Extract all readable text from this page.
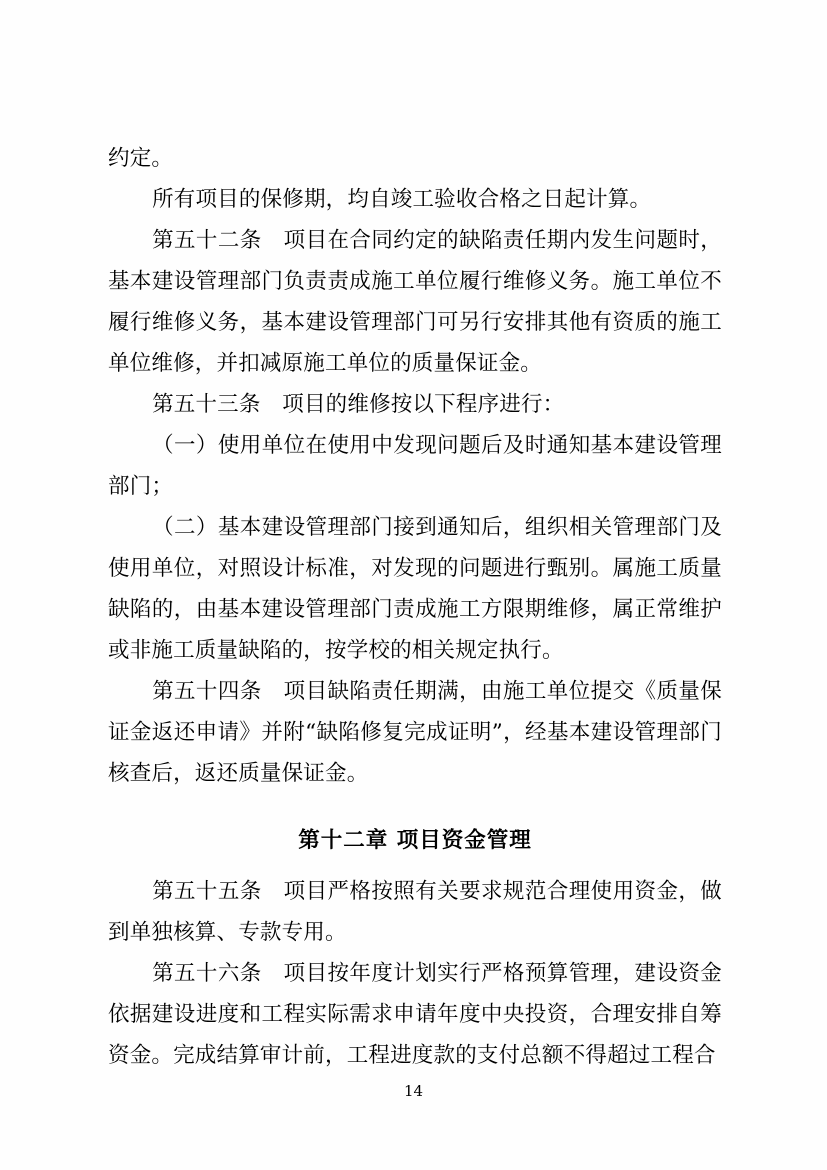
约定。

所有项目的保修期，均自竣工验收合格之日起计算。

第五十二条　项目在合同约定的缺陷责任期内发生问题时，基本建设管理部门负责责成施工单位履行维修义务。施工单位不履行维修义务，基本建设管理部门可另行安排其他有资质的施工单位维修，并扣减原施工单位的质量保证金。

第五十三条　项目的维修按以下程序进行：

（一）使用单位在使用中发现问题后及时通知基本建设管理部门；

（二）基本建设管理部门接到通知后，组织相关管理部门及使用单位，对照设计标准，对发现的问题进行甄别。属施工质量缺陷的，由基本建设管理部门责成施工方限期维修，属正常维护或非施工质量缺陷的，按学校的相关规定执行。

第五十四条　项目缺陷责任期满，由施工单位提交《质量保证金返还申请》并附“缺陷修复完成证明”，经基本建设管理部门核查后，返还质量保证金。

第十二章 项目资金管理

第五十五条　项目严格按照有关要求规范合理使用资金，做到单独核算、专款专用。

第五十六条　项目按年度计划实行严格预算管理，建设资金依据建设进度和工程实际需求申请年度中央投资，合理安排自筹资金。完成结算审计前，工程进度款的支付总额不得超过工程合

14
